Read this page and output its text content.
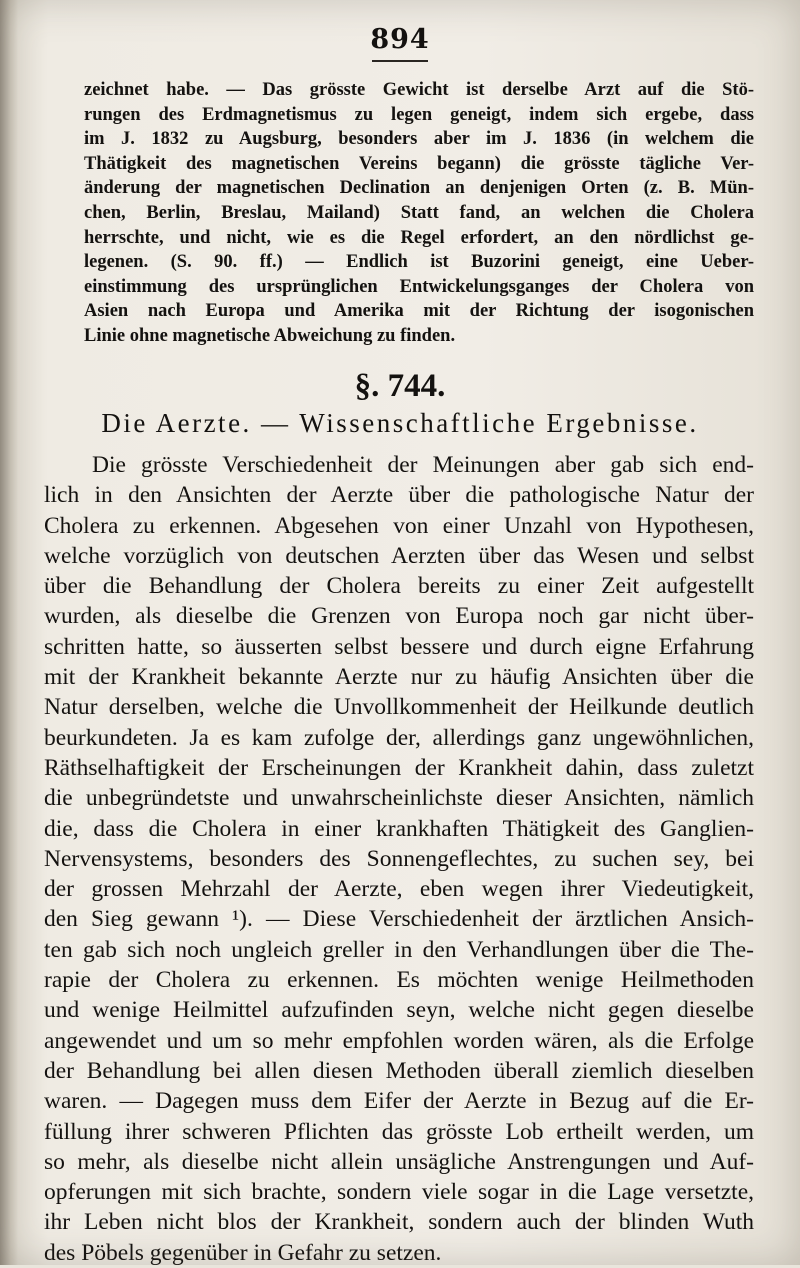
894
zeichnet habe. — Das grösste Gewicht ist derselbe Arzt auf die Stö-
rungen des Erdmagnetismus zu legen geneigt, indem sich ergebe, dass
im J. 1832 zu Augsburg, besonders aber im J. 1836 (in welchem die
Thätigkeit des magnetischen Vereins begann) die grösste tägliche Ver-
änderung der magnetischen Declination an denjenigen Orten (z. B. Mün-
chen, Berlin, Breslau, Mailand) Statt fand, an welchen die Cholera
herrschte, und nicht, wie es die Regel erfordert, an den nördlichst ge-
legenen. (S. 90. ff.) — Endlich ist Buzorini geneigt, eine Ueber-
einstimmung des ursprünglichen Entwickelungsganges der Cholera von
Asien nach Europa und Amerika mit der Richtung der isogonischen
Linie ohne magnetische Abweichung zu finden.
§. 744.
Die Aerzte. — Wissenschaftliche Ergebnisse.
Die grösste Verschiedenheit der Meinungen aber gab sich end-
lich in den Ansichten der Aerzte über die pathologische Natur der
Cholera zu erkennen. Abgesehen von einer Unzahl von Hypothesen,
welche vorzüglich von deutschen Aerzten über das Wesen und selbst
über die Behandlung der Cholera bereits zu einer Zeit aufgestellt
wurden, als dieselbe die Grenzen von Europa noch gar nicht über-
schritten hatte, so äusserten selbst bessere und durch eigne Erfahrung
mit der Krankheit bekannte Aerzte nur zu häufig Ansichten über die
Natur derselben, welche die Unvollkommenheit der Heilkunde deutlich
beurkundeten. Ja es kam zufolge der, allerdings ganz ungewöhnlichen,
Räthselhaftigkeit der Erscheinungen der Krankheit dahin, dass zuletzt
die unbegründetste und unwahrscheinlichste dieser Ansichten, nämlich
die, dass die Cholera in einer krankhaften Thätigkeit des Ganglien-
Nervensystems, besonders des Sonnengeflechtes, zu suchen sey, bei
der grossen Mehrzahl der Aerzte, eben wegen ihrer Viedeutigkeit,
den Sieg gewann ¹). — Diese Verschiedenheit der ärztlichen Ansich-
ten gab sich noch ungleich greller in den Verhandlungen über die The-
rapie der Cholera zu erkennen. Es möchten wenige Heilmethoden
und wenige Heilmittel aufzufinden seyn, welche nicht gegen dieselbe
angewendet und um so mehr empfohlen worden wären, als die Erfolge
der Behandlung bei allen diesen Methoden überall ziemlich dieselben
waren. — Dagegen muss dem Eifer der Aerzte in Bezug auf die Er-
füllung ihrer schweren Pflichten das grösste Lob ertheilt werden, um
so mehr, als dieselbe nicht allein unsägliche Anstrengungen und Auf-
opferungen mit sich brachte, sondern viele sogar in die Lage versetzte,
ihr Leben nicht blos der Krankheit, sondern auch der blinden Wuth
des Pöbels gegenüber in Gefahr zu setzen.
